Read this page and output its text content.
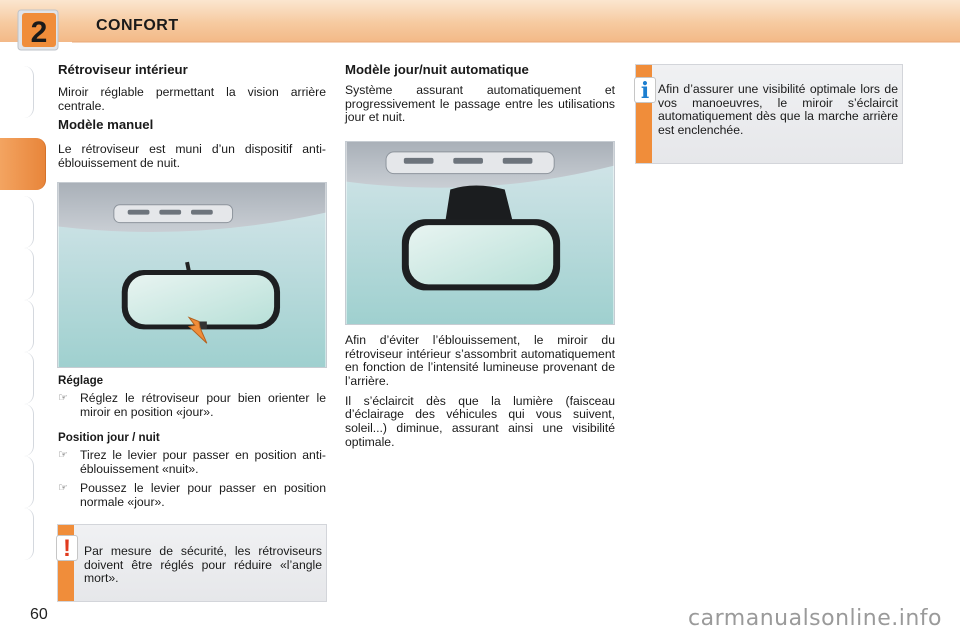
2	CONFORT
Rétroviseur intérieur

Miroir réglable permettant la vision arrière centrale.

Modèle manuel

Le rétroviseur est muni d’un dispositif anti-éblouissement de nuit.

Réglage
☞ Réglez le rétroviseur pour bien orienter le miroir en position «jour».
Position jour / nuit
☞ Tirez le levier pour passer en position anti-éblouissement «nuit».
☞ Poussez le levier pour passer en position normale «jour».
!	Par mesure de sécurité, les rétroviseurs doivent être réglés pour réduire «l’angle mort».
Modèle jour/nuit automatique

Système assurant automatiquement et progressivement le passage entre les utilisations jour et nuit.

Afin d’éviter l’éblouissement, le miroir du rétroviseur intérieur s’assombrit automatiquement en fonction de l’intensité lumineuse provenant de l’arrière.

Il s’éclaircit dès que la lumière (faisceau d’éclairage des véhicules qui vous suivent, soleil...) diminue, assurant ainsi une visibilité optimale.

i Afin d’assurer une visibilité optimale lors de vos manoeuvres, le miroir s’éclaircit automatiquement dès que la marche arrière est enclenchée.
60	carmanualsonline.info
